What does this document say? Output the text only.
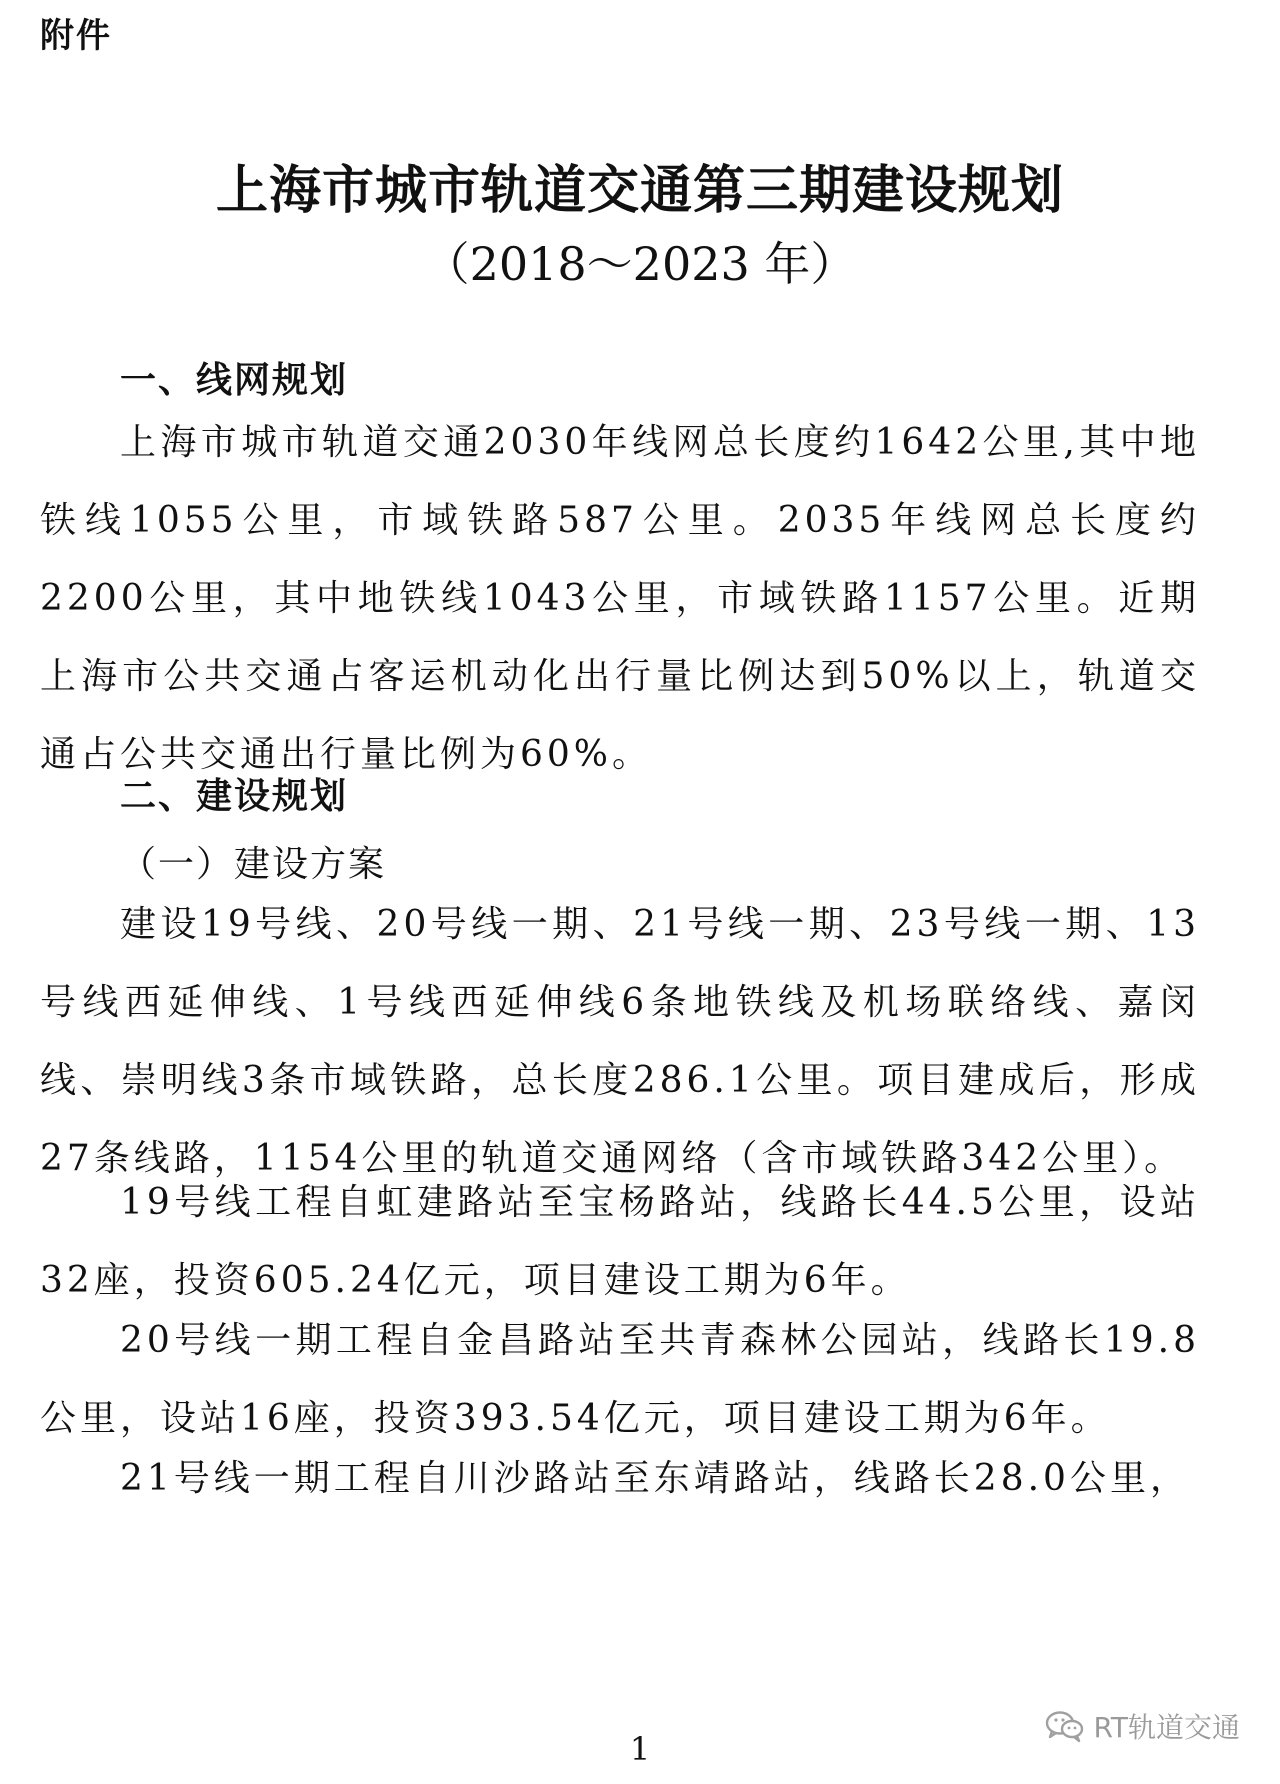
附件
上海市城市轨道交通第三期建设规划
（2018～2023 年）
一、线网规划

上海市城市轨道交通2030年线网总长度约1642公里,其中地铁线1055公里，市域铁路587公里。2035年线网总长度约2200公里，其中地铁线1043公里，市域铁路1157公里。近期上海市公共交通占客运机动化出行量比例达到50%以上，轨道交通占公共交通出行量比例为60%。

二、建设规划
（一）建设方案

建设19号线、20号线一期、21号线一期、23号线一期、13号线西延伸线、1号线西延伸线6条地铁线及机场联络线、嘉闵线、崇明线3条市域铁路，总长度286.1公里。项目建成后，形成27条线路，1154公里的轨道交通网络（含市域铁路342公里）。

19号线工程自虹建路站至宝杨路站，线路长44.5公里，设站32座，投资605.24亿元，项目建设工期为6年。

20号线一期工程自金昌路站至共青森林公园站，线路长19.8公里，设站16座，投资393.54亿元，项目建设工期为6年。

21号线一期工程自川沙路站至东靖路站，线路长28.0公里，

1
RT轨道交通
